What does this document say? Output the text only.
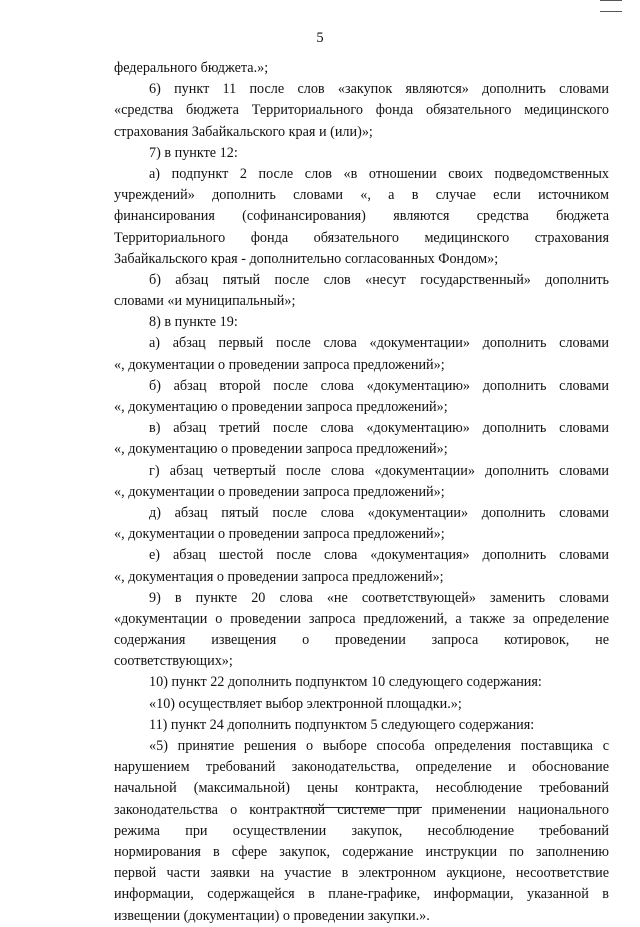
5
федерального бюджета.»;
6) пункт 11 после слов «закупок являются» дополнить словами
«средства бюджета Территориального фонда обязательного медицинского
страхования Забайкальского края и (или)»;
7) в пункте 12:
а) подпункт 2 после слов «в отношении своих подведомственных
учреждений» дополнить словами «, а в случае если источником
финансирования (софинансирования) являются средства бюджета
Территориального фонда обязательного медицинского страхования
Забайкальского края - дополнительно согласованных Фондом»;
б) абзац пятый после слов «несут государственный» дополнить
словами «и муниципальный»;
8) в пункте 19:
а) абзац первый после слова «документации» дополнить словами
«, документации о проведении запроса предложений»;
б) абзац второй после слова «документацию» дополнить словами
«, документацию о проведении запроса предложений»;
в) абзац третий после слова «документацию» дополнить словами
«, документацию о проведении запроса предложений»;
г) абзац четвертый после слова «документации» дополнить словами
«, документации о проведении запроса предложений»;
д) абзац пятый после слова «документации» дополнить словами
«, документации о проведении запроса предложений»;
е) абзац шестой после слова «документация» дополнить словами
«, документация о проведении запроса предложений»;
9) в пункте 20 слова «не соответствующей» заменить словами
«документации о проведении запроса предложений, а также за определение
содержания извещения о проведении запроса котировок, не
соответствующих»;
10) пункт 22 дополнить подпунктом 10 следующего содержания:
«10) осуществляет выбор электронной площадки.»;
11) пункт 24 дополнить подпунктом 5 следующего содержания:
«5) принятие решения о выборе способа определения поставщика с
нарушением требований законодательства, определение и обоснование
начальной (максимальной) цены контракта, несоблюдение требований
законодательства о контрактной системе при применении национального
режима при осуществлении закупок, несоблюдение требований
нормирования в сфере закупок, содержание инструкции по заполнению
первой части заявки на участие в электронном аукционе, несоответствие
информации, содержащейся в плане-графике, информации, указанной в
извещении (документации) о проведении закупки.».
